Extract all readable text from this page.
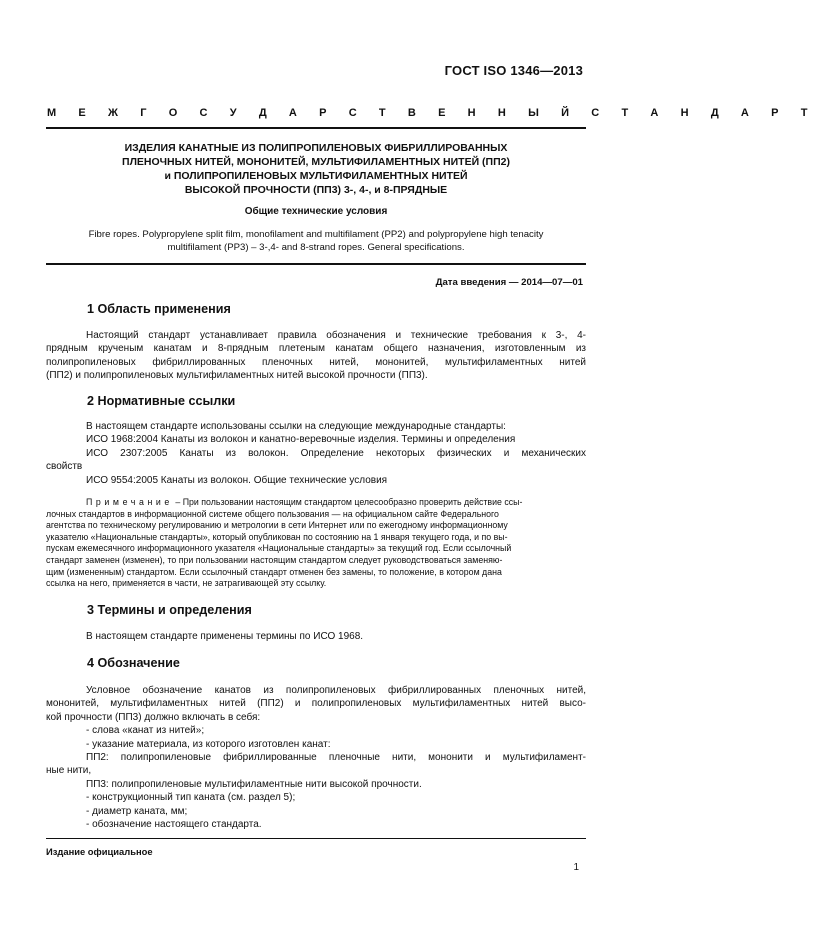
ГОСТ ISO 1346—2013
М Е Ж Г О С У Д А Р С Т В Е Н Н Ы Й С Т А Н Д А Р Т
ИЗДЕЛИЯ КАНАТНЫЕ ИЗ ПОЛИПРОПИЛЕНОВЫХ ФИБРИЛЛИРОВАННЫХ
ПЛЕНОЧНЫХ НИТЕЙ, МОНОНИТЕЙ, МУЛЬТИФИЛАМЕНТНЫХ НИТЕЙ (ПП2)
и ПОЛИПРОПИЛЕНОВЫХ МУЛЬТИФИЛАМЕНТНЫХ НИТЕЙ
ВЫСОКОЙ ПРОЧНОСТИ (ПП3) 3-, 4-, и 8-ПРЯДНЫЕ
Общие технические условия
Fibre ropes. Polypropylene split film, monofilament and multifilament (PP2) and polypropylene high tenacity
multifilament (PP3) – 3-,4- and 8-strand ropes. General specifications.
Дата введения — 2014—07—01
1 Область применения
Настоящий стандарт устанавливает правила обозначения и технические требования к 3-, 4-
прядным крученым канатам и 8-прядным плетеным канатам общего назначения, изготовленным из
полипропиленовых фибриллированных пленочных нитей, мононитей, мультифиламентных нитей
(ПП2) и полипропиленовых мультифиламентных нитей высокой прочности (ПП3).
2 Нормативные ссылки
В настоящем стандарте использованы ссылки на следующие международные стандарты:
ИСО 1968:2004 Канаты из волокон и канатно-веревочные изделия. Термины и определения
ИСО 2307:2005 Канаты из волокон. Определение некоторых физических и механических
свойств
ИСО 9554:2005 Канаты из волокон. Общие технические условия
Примечание – При пользовании настоящим стандартом целесообразно проверить действие ссы-
лочных стандартов в информационной системе общего пользования — на официальном сайте Федерального
агентства по техническому регулированию и метрологии в сети Интернет или по ежегодному информационному
указателю «Национальные стандарты», который опубликован по состоянию на 1 января текущего года, и по вы-
пускам ежемесячного информационного указателя «Национальные стандарты» за текущий год. Если ссылочный
стандарт заменен (изменен), то при пользовании настоящим стандартом следует руководствоваться заменяю-
щим (измененным) стандартом. Если ссылочный стандарт отменен без замены, то положение, в котором дана
ссылка на него, применяется в части, не затрагивающей эту ссылку.
3 Термины и определения
В настоящем стандарте применены термины по ИСО 1968.
4 Обозначение
Условное обозначение канатов из полипропиленовых фибриллированных пленочных нитей,
мононитей, мультифиламентных нитей (ПП2) и полипропиленовых мультифиламентных нитей высо-
кой прочности (ПП3) должно включать в себя:
- слова «канат из нитей»;
- указание материала, из которого изготовлен канат:
ПП2: полипропиленовые фибриллированные пленочные нити, мононити и мультифиламент-
ные нити,
ПП3: полипропиленовые мультифиламентные нити высокой прочности.
- конструкционный тип каната (см. раздел 5);
- диаметр каната, мм;
- обозначение настоящего стандарта.
Издание официальное
1
